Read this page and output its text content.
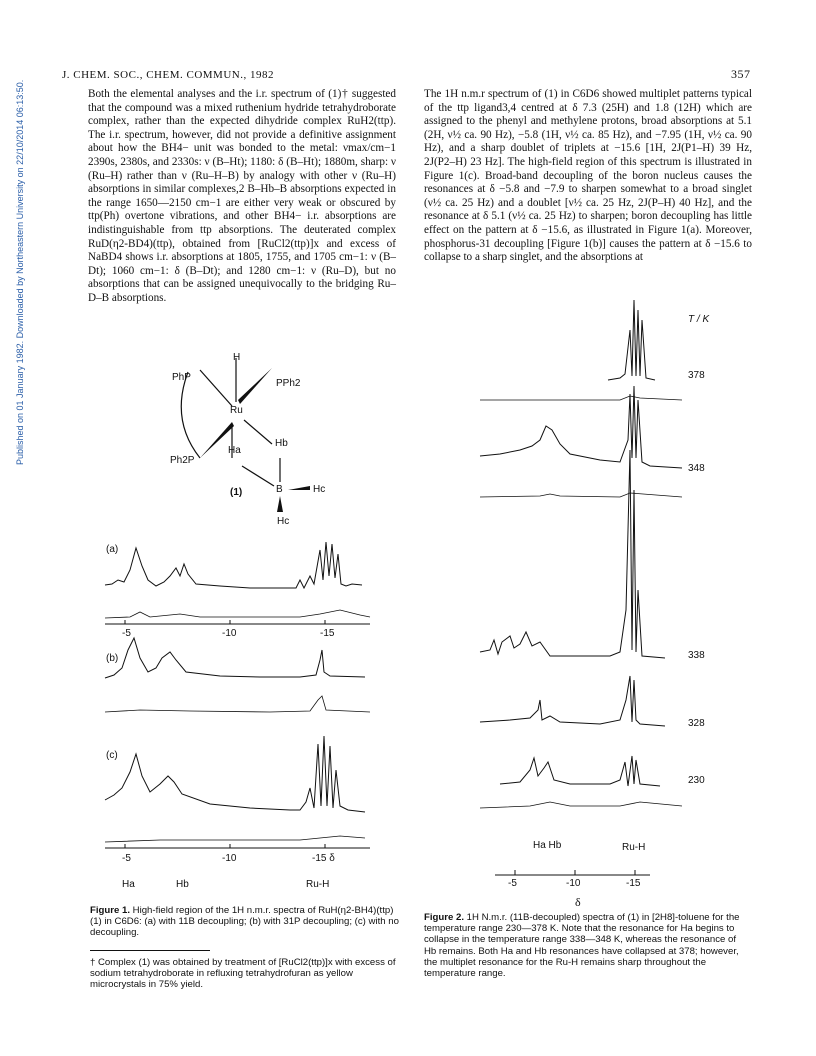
J. CHEM. SOC., CHEM. COMMUN., 1982	357
Published on 01 January 1982. Downloaded by Northeastern University on 22/10/2014 06:13:50.	Both the elemental analyses and the i.r. spectrum of (1)† suggested that the compound was a mixed ruthenium hydride tetrahydroborate complex, rather than the expected dihydride complex RuH2(ttp). The i.r. spectrum, however, did not provide a definitive assignment about how the BH4− unit was bonded to the metal: νmax/cm−1 2390s, 2380s, and 2330s: ν (B–Ht); 1180: δ (B–Ht); 1880m, sharp: ν (Ru–H) rather than ν (Ru–H–B) by analogy with other ν (Ru–H) absorptions in similar complexes,2 B–Hb–B absorptions expected in the range 1650—2150 cm−1 are either very weak or obscured by ttp(Ph) overtone vibrations, and other BH4− i.r. absorptions are indistinguishable from ttp absorptions. The deuterated complex RuD(η2-BD4)(ttp), obtained from [RuCl2(ttp)]x and excess of NaBD4 shows i.r. absorptions at 1805, 1755, and 1705 cm−1: ν (B–Dt); 1060 cm−1: δ (B–Dt); and 1280 cm−1: ν (Ru–D), but no absorptions that can be assigned unequivocally to the bridging Ru–D–B absorptions.
The 1H n.m.r spectrum of (1) in C6D6 showed multiplet patterns typical of the ttp ligand3,4 centred at δ 7.3 (25H) and 1.8 (12H) which are assigned to the phenyl and methylene protons, broad absorptions at 5.1 (2H, ν½ ca. 90 Hz), −5.8 (1H, ν½ ca. 85 Hz), and −7.95 (1H, ν½ ca. 90 Hz), and a sharp doublet of triplets at −15.6 [1H, 2J(P1–H) 39 Hz, 2J(P2–H) 23 Hz]. The high-field region of this spectrum is illustrated in Figure 1(c). Broad-band decoupling of the boron nucleus causes the resonances at δ −5.8 and −7.9 to sharpen somewhat to a broad singlet (ν½ ca. 25 Hz) and a doublet [ν½ ca. 25 Hz, 2J(P–H) 40 Hz], and the resonance at δ 5.1 (ν½ ca. 25 Hz) to sharpen; boron decoupling has little effect on the pattern at δ −15.6, as illustrated in Figure 1(a). Moreover, phosphorus-31 decoupling [Figure 1(b)] causes the pattern at δ −15.6 to collapse to a sharp singlet, and the absorptions at
H
PhP
PPh2
Ru
Ph2P
Ha
Hb
B	Hc
Hc
(1)
(a)
(b)
(c)
-5	-10	-15
-5	-10	-15 δ
Ha	Hb	Ru-H
Figure 1. High-field region of the 1H n.m.r. spectra of RuH(η2-BH4)(ttp) (1) in C6D6: (a) with 11B decoupling; (b) with 31P decoupling; (c) with no decoupling.
† Complex (1) was obtained by treatment of [RuCl2(ttp)]x with excess of sodium tetrahydroborate in refluxing tetrahydrofuran as yellow microcrystals in 75% yield.
T / K
378
348
338
328
230
Ha Hb	Ru-H
-5	-10	-15
δ
Figure 2. 1H N.m.r. (11B-decoupled) spectra of (1) in [2H8]-toluene for the temperature range 230—378 K. Note that the resonance for Ha begins to collapse in the temperature range 338—348 K, whereas the resonance of Hb remains. Both Ha and Hb resonances have collapsed at 378; however, the multiplet resonance for the Ru-H remains sharp throughout the temperature range.
